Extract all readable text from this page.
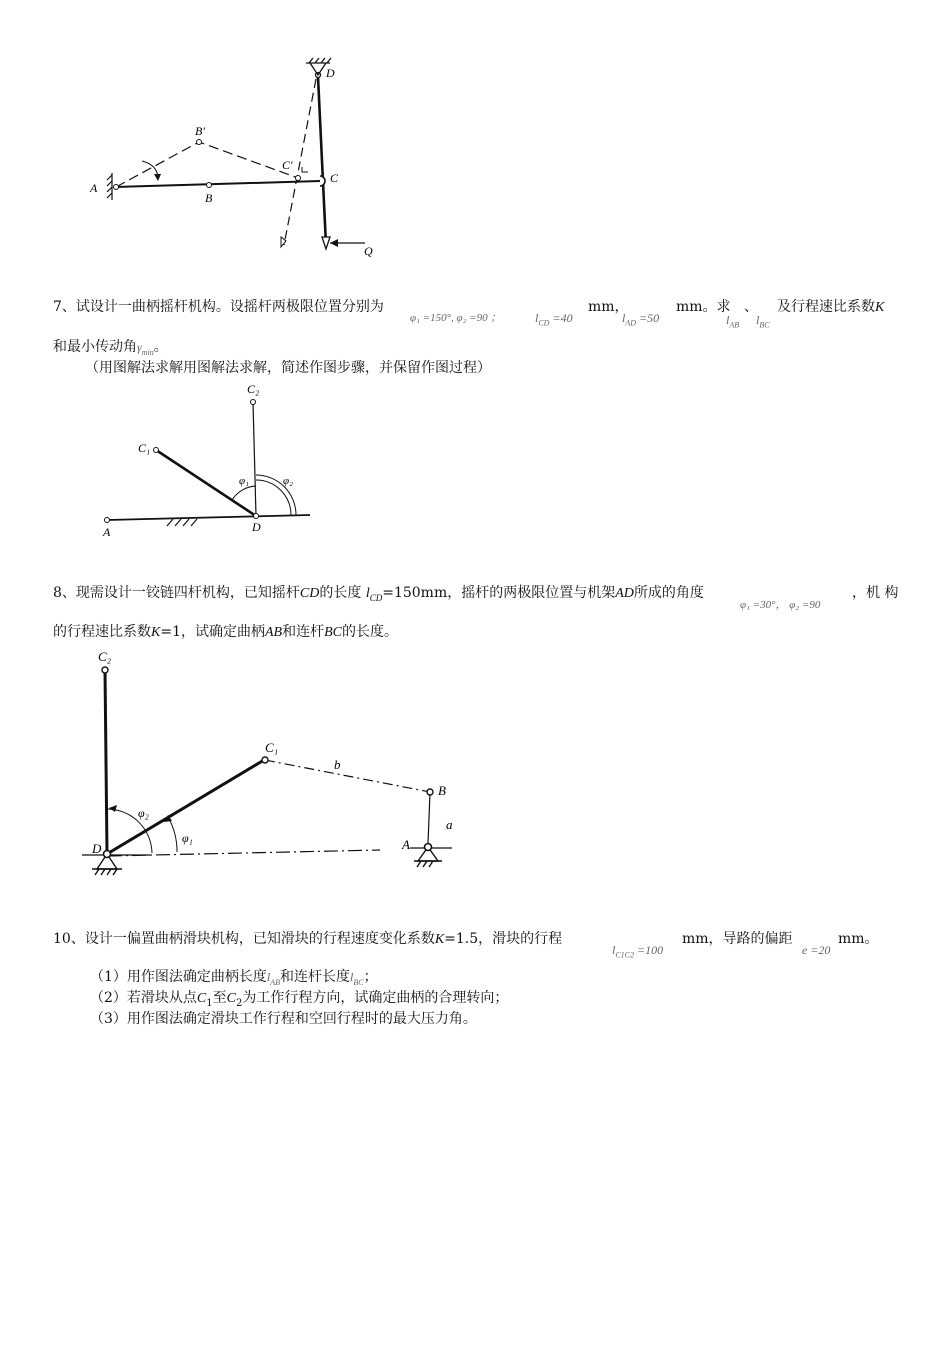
D
B′
C′
A
B
C
Q
7、试设计一曲柄摇杆机构。设摇杆两极限位置分别为
φ₁ =150°, φ₂ =90 ；	$l_{CD} =40$
mm，
$l_{AD} =50$
mm。求
$l_{AB}$
、
$l_{BC}$
及行程速比系数K
和最小传动角$\gamma_{min}$。
（用图解法求解用图解法求解，简述作图步骤，并保留作图过程）
C₂
C₁
φ₁	φ₂
A	D
8、现需设计一铰链四杆机构，已知摇杆CD的长度 $l_{CD}=150mm$，摇杆的两极限位置与机架AD所成的角度
φ₁ =30°， φ₂ =90
，机 构
的行程速比系数K=1，试确定曲柄AB和连杆BC的长度。
C₂
C₁
b
B
a
φ₂
φ₁
D	A
10、设计一偏置曲柄滑块机构，已知滑块的行程速度变化系数K=1.5，滑块的行程
$l_{C1C2} =100$
mm，导路的偏距
e =20
mm。
（1）用作图法确定曲柄长度$l_{AB}$和连杆长度$l_{BC}$；
（2）若滑块从点$C_1$至$C_2$为工作行程方向，试确定曲柄的合理转向；
（3）用作图法确定滑块工作行程和空回行程时的最大压力角。
